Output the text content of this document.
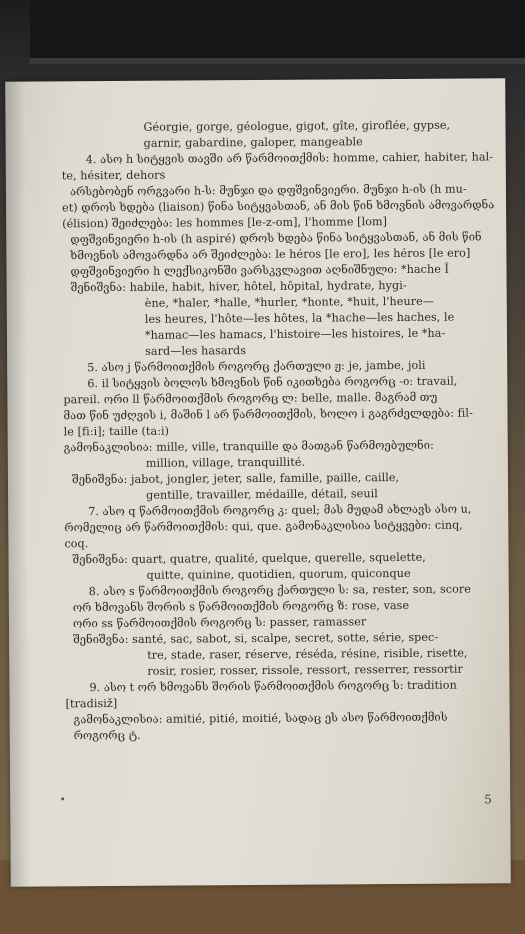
Géorgie, gorge, géologue, gigot, gîte, giroflée, gypse,
garnir, gabardine, galoper, mangeable
4. ასო h სიტყვის თავში არ წარმოითქმის: homme, cahier, habiter, hal-
te, hésiter, dehors
არსებობენ ორგვარი h-ს: მუნჯი და დფშვინვიერი. მუნჯი h-ის (h mu-
et) დროს ხდება (liaison) წინა სიტყვასთან, ან მის წინ ხმოვნის ამოვარდნა
(élision) შეიძლება: les hommes [le-z-om], l'homme [lom]
დფშვინვიერი h-ის (h aspiré) დროს ხდება წინა სიტყვასთან, ან მის წინ
ხმოვნის ამოვარდნა არ შეიძლება: le héros [le ero], les héros [le ero]
დფშვინვიერი h ლექსიკონში ვარსკვლავით აღნიშნული: *hache Î
შენიშვნა: habile, habit, hiver, hôtel, hôpital, hydrate, hygi-
ène, *haler, *halle, *hurler, *honte, *huit, l'heure—
les heures, l'hôte—les hôtes, la *hache—les haches, le
*hamac—les hamacs, l'histoire—les histoires, le *ha-
sard—les hasards
5. ასო j წარმოითქმის როგორც ქართული ჟ: je, jambe, joli
6. il სიტყვის ბოლოს ხმოვნის წინ იკითხება როგორც -ი: travail,
pareil. ორი ll წარმოითქმის როგორც ლ: belle, malle. მაგრამ თუ
მათ წინ უძღვის i, მაშინ l არ წარმოითქმის, ხოლო i გაგრძელდება: fil-
le [fi:i]; taille (ta:i)
გამონაკლისია: mille, ville, tranquille და მათგან წარმოებულნი:
million, village, tranquillité.
შენიშვნა: jabot, jongler, jeter, salle, famille, paille, caille,
gentille, travailler, médaille, détail, seuil
7. ასო q წარმოითქმის როგორც კ: quel; მას მუდამ ახლავს ასო u,
რომელიც არ წარმოითქმის: qui, que. გამონაკლისია სიტყვები: cinq,
coq.
შენიშვნა: quart, quatre, qualité, quelque, querelle, squelette,
quitte, quinine, quotidien, quorum, quiconque
8. ასო s წარმოითქმის როგორც ქართული ს: sa, rester, son, score
ორ ხმოვანს შორის s წარმოითქმის როგორც ზ: rose, vase
ორი ss წარმოითქმის როგორც ს: passer, ramasser
შენიშვნა: santé, sac, sabot, si, scalpe, secret, sotte, série, spec-
tre, stade, raser, réserve, réséda, résine, risible, risette,
rosir, rosier, rosser, rissole, ressort, resserrer, ressortir
9. ასო t ორ ხმოვანს შორის წარმოითქმის როგორც ს: tradition
[tradisiž]
გამონაკლისია: amitié, pitié, moitié, სადაც ეს ასო წარმოითქმის
როგორც ტ.
5
